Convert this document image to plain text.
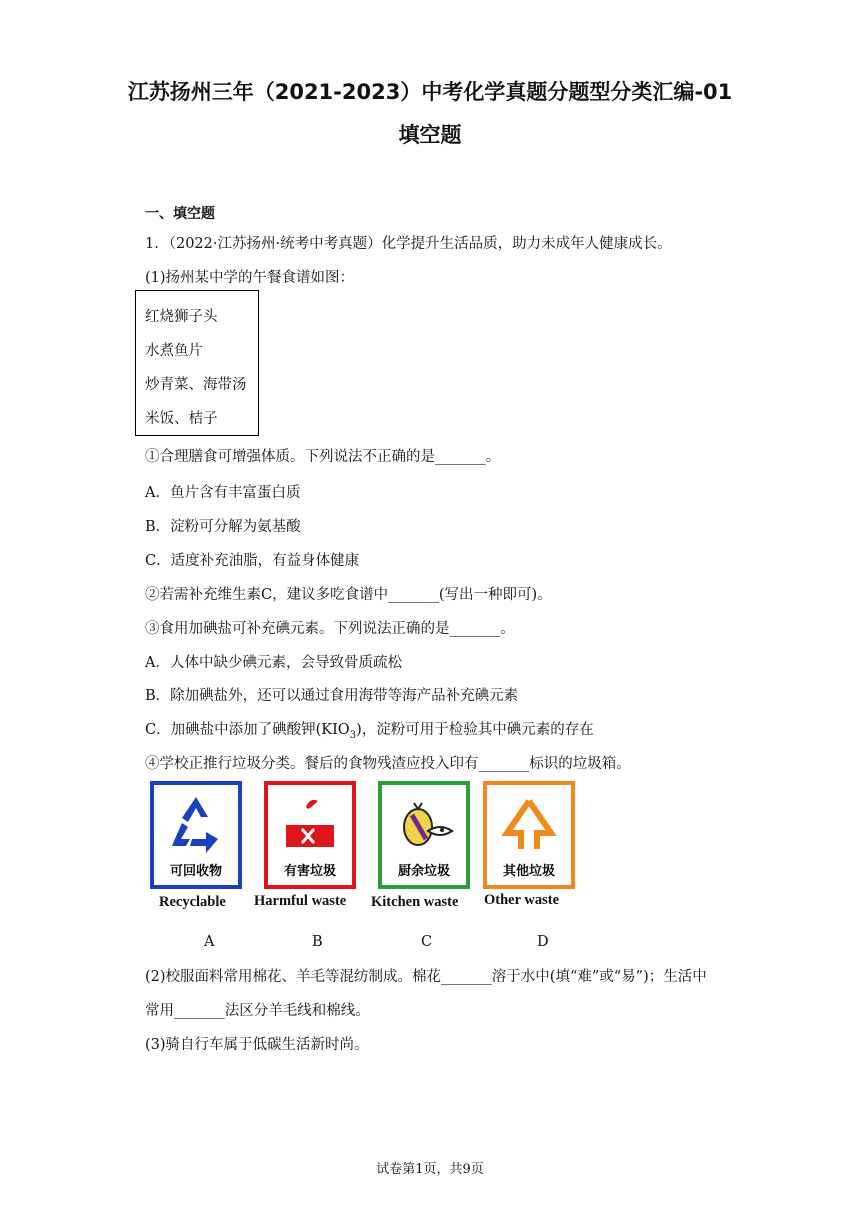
江苏扬州三年（2021-2023）中考化学真题分题型分类汇编-01
填空题
一、填空题
1．（2022·江苏扬州·统考中考真题）化学提升生活品质，助力未成年人健康成长。
(1)扬州某中学的午餐食谱如图：
红烧狮子头
水煮鱼片
炒青菜、海带汤
米饭、桔子
①合理膳食可增强体质。下列说法不正确的是_______。
A．鱼片含有丰富蛋白质
B．淀粉可分解为氨基酸
C．适度补充油脂，有益身体健康
②若需补充维生素C，建议多吃食谱中_______(写出一种即可)。
③食用加碘盐可补充碘元素。下列说法正确的是_______。
A．人体中缺少碘元素，会导致骨质疏松
B．除加碘盐外，还可以通过食用海带等海产品补充碘元素
C．加碘盐中添加了碘酸钾$(KIO_3)$，淀粉可用于检验其中碘元素的存在
④学校正推行垃圾分类。餐后的食物残渣应投入印有_______标识的垃圾箱。
可回收物	有害垃圾	厨余垃圾	其他垃圾
Recyclable Harmful waste Kitchen waste Other waste
A	B	C	D
(2)校服面料常用棉花、羊毛等混纺制成。棉花_______溶于水中(填“难”或“易”)；生活中
常用_______法区分羊毛线和棉线。
(3)骑自行车属于低碳生活新时尚。
试卷第1页，共9页
